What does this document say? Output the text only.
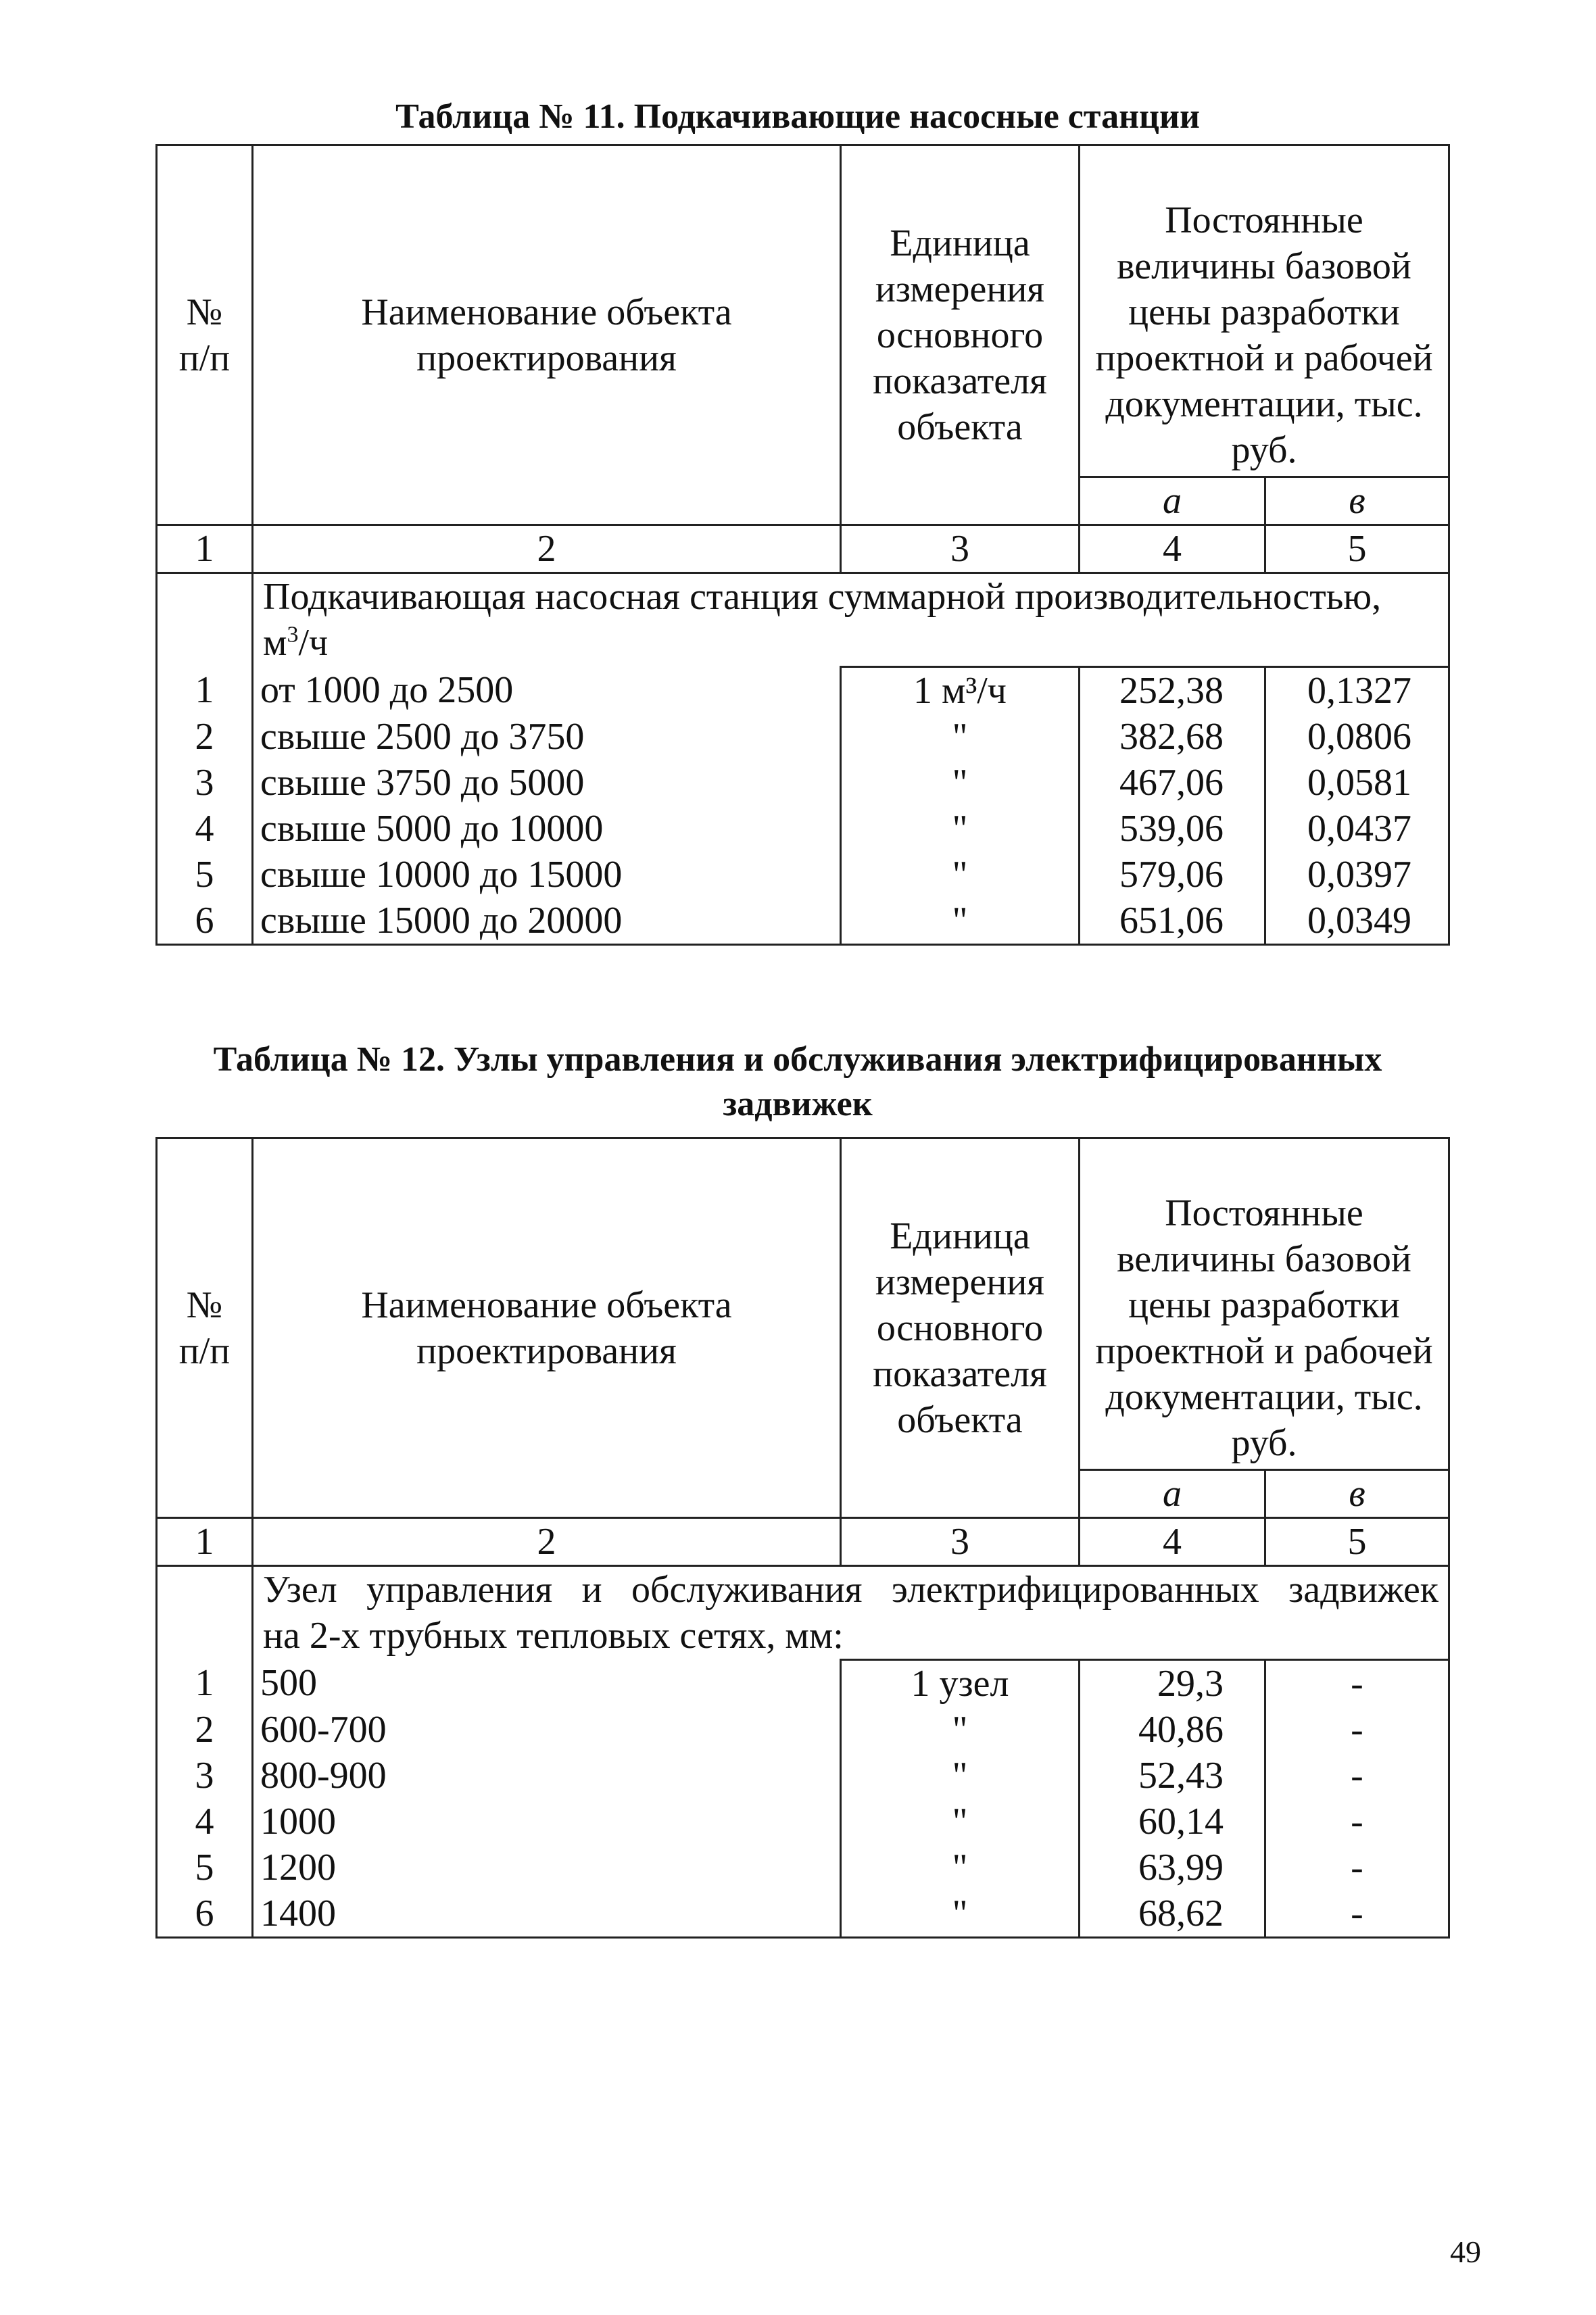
Таблица № 11. Подкачивающие насосные станции
№ п/п	Наименование объекта проектирования	Единица измерения основного показателя объекта	Постоянные величины базовой цены разработки проектной и рабочей документации, тыс. руб.	
			а	в
1	2	3	4	5
	Подкачивающая насосная станция суммарной производительностью,
$м^3/ч$			
1	от 1000 до 2500	1 м³/ч	252,38	0,1327
2	свыше 2500 до 3750	"	382,68	0,0806
3	свыше 3750 до 5000	"	467,06	0,0581
4	свыше 5000 до 10000	"	539,06	0,0437
5	свыше 10000 до 15000	"	579,06	0,0397
6	свыше 15000 до 20000	"	651,06	0,0349
Таблица № 12. Узлы управления и обслуживания электрифицированных
задвижек
№ п/п	Наименование объекта проектирования	Единица измерения основного показателя объекта	Постоянные величины базовой цены разработки проектной и рабочей документации, тыс. руб.	
			а	в
1	2	3	4	5

	Узел управления и обслуживания электрифицированных задвижек
на 2-х трубных тепловых сетях, мм:			

1	500	1 узел	29,3	-
2	600-700	"	40,86	-
3	800-900	"	52,43	-
4	1000	"	60,14	-
5	1200	"	63,99	-
6	1400	"	68,62	-
49
